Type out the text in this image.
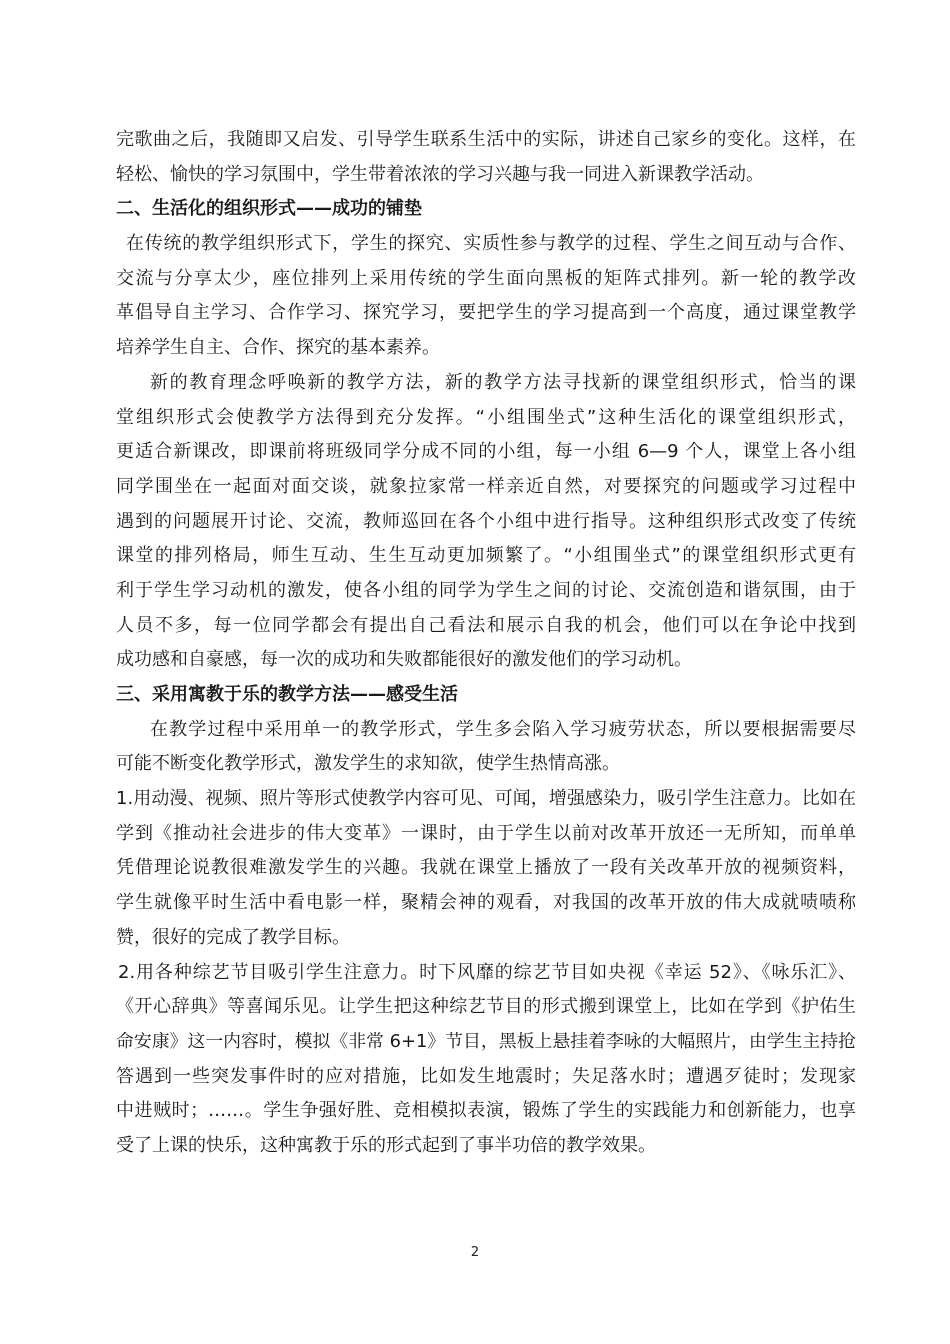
完歌曲之后，我随即又启发、引导学生联系生活中的实际，讲述自己家乡的变化。这样，在
轻松、愉快的学习氛围中，学生带着浓浓的学习兴趣与我一同进入新课教学活动。
二、生活化的组织形式——成功的铺垫
在传统的教学组织形式下，学生的探究、实质性参与教学的过程、学生之间互动与合作、
交流与分享太少，座位排列上采用传统的学生面向黑板的矩阵式排列。新一轮的教学改
革倡导自主学习、合作学习、探究学习，要把学生的学习提高到一个高度，通过课堂教学
培养学生自主、合作、探究的基本素养。
新的教育理念呼唤新的教学方法，新的教学方法寻找新的课堂组织形式，恰当的课
堂组织形式会使教学方法得到充分发挥。“小组围坐式”这种生活化的课堂组织形式，
更适合新课改，即课前将班级同学分成不同的小组，每一小组 6—9 个人，课堂上各小组
同学围坐在一起面对面交谈，就象拉家常一样亲近自然，对要探究的问题或学习过程中
遇到的问题展开讨论、交流，教师巡回在各个小组中进行指导。这种组织形式改变了传统
课堂的排列格局，师生互动、生生互动更加频繁了。“小组围坐式”的课堂组织形式更有
利于学生学习动机的激发，使各小组的同学为学生之间的讨论、交流创造和谐氛围，由于
人员不多，每一位同学都会有提出自己看法和展示自我的机会，他们可以在争论中找到
成功感和自豪感，每一次的成功和失败都能很好的激发他们的学习动机。
三、采用寓教于乐的教学方法——感受生活
在教学过程中采用单一的教学形式，学生多会陷入学习疲劳状态，所以要根据需要尽
可能不断变化教学形式，激发学生的求知欲，使学生热情高涨。
1.用动漫、视频、照片等形式使教学内容可见、可闻，增强感染力，吸引学生注意力。比如在
学到《推动社会进步的伟大变革》一课时，由于学生以前对改革开放还一无所知，而单单
凭借理论说教很难激发学生的兴趣。我就在课堂上播放了一段有关改革开放的视频资料，
学生就像平时生活中看电影一样，聚精会神的观看，对我国的改革开放的伟大成就啧啧称
赞，很好的完成了教学目标。
2.用各种综艺节目吸引学生注意力。时下风靡的综艺节目如央视《幸运 52》、《咏乐汇》、
《开心辞典》等喜闻乐见。让学生把这种综艺节目的形式搬到课堂上，比如在学到《护佑生
命安康》这一内容时，模拟《非常 6+1》节目，黑板上悬挂着李咏的大幅照片，由学生主持抢
答遇到一些突发事件时的应对措施，比如发生地震时；失足落水时；遭遇歹徒时；发现家
中进贼时；……。学生争强好胜、竞相模拟表演，锻炼了学生的实践能力和创新能力，也享
受了上课的快乐，这种寓教于乐的形式起到了事半功倍的教学效果。
2
